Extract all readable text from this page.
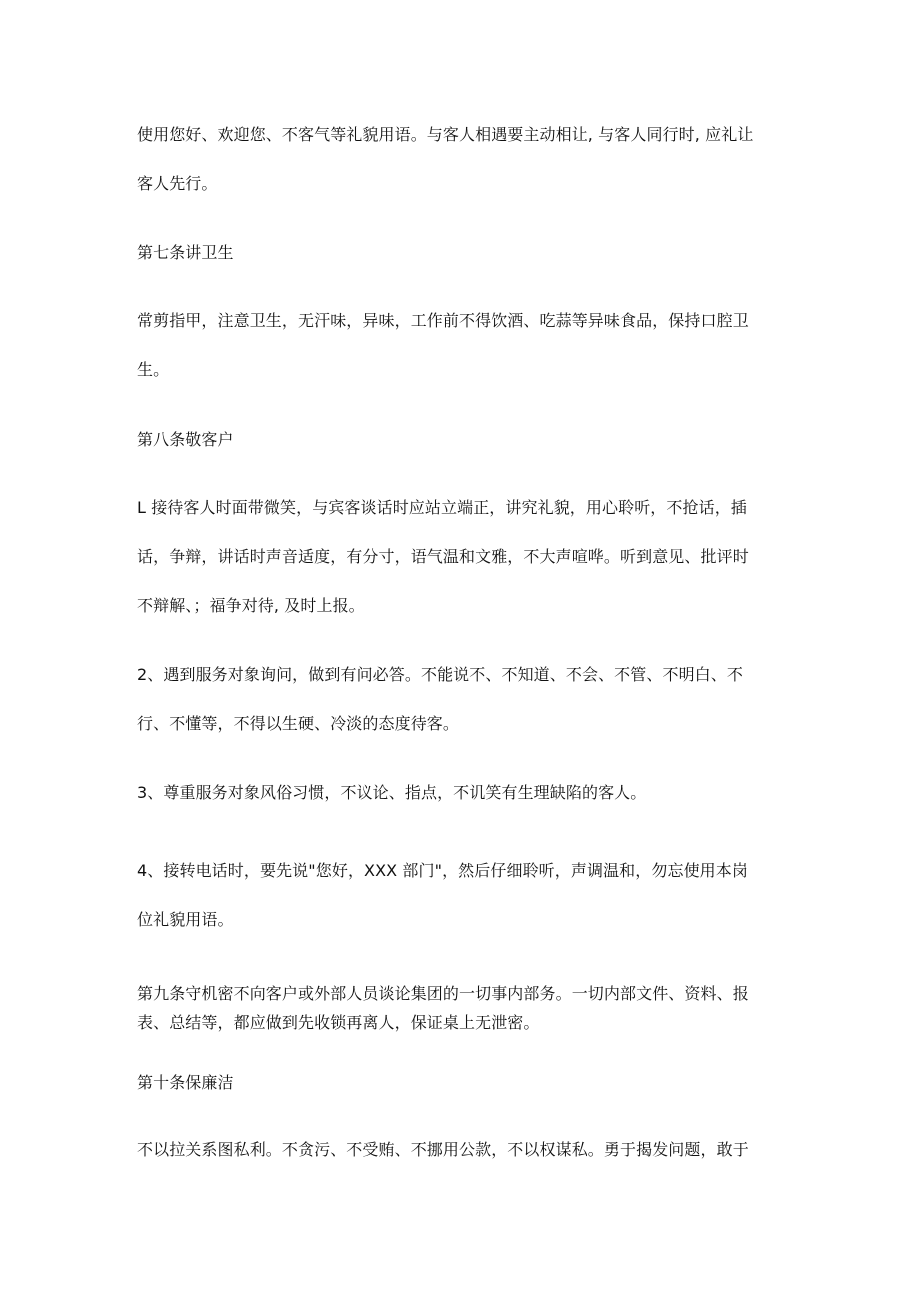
使用您好、欢迎您、不客气等礼貌用语。与客人相遇要主动相让, 与客人同行时, 应礼让
客人先行。
第七条讲卫生
常剪指甲，注意卫生，无汗味，异味，工作前不得饮酒、吃蒜等异味食品，保持口腔卫
生。
第八条敬客户
L 接待客人时面带微笑，与宾客谈话时应站立端正，讲究礼貌，用心聆听，不抢话，插
话，争辩，讲话时声音适度，有分寸，语气温和文雅，不大声喧哗。听到意见、批评时
不辩解、；福争对待, 及时上报。
2、遇到服务对象询问，做到有问必答。不能说不、不知道、不会、不管、不明白、不
行、不懂等，不得以生硬、冷淡的态度待客。
3、尊重服务对象风俗习惯，不议论、指点，不讥笑有生理缺陷的客人。
4、接转电话时，要先说"您好，XXX 部门"，然后仔细聆听，声调温和，勿忘使用本岗
位礼貌用语。
第九条守机密不向客户或外部人员谈论集团的一切事内部务。一切内部文件、资料、报
表、总结等，都应做到先收锁再离人，保证桌上无泄密。
第十条保廉洁
不以拉关系图私利。不贪污、不受贿、不挪用公款，不以权谋私。勇于揭发问题，敢于
